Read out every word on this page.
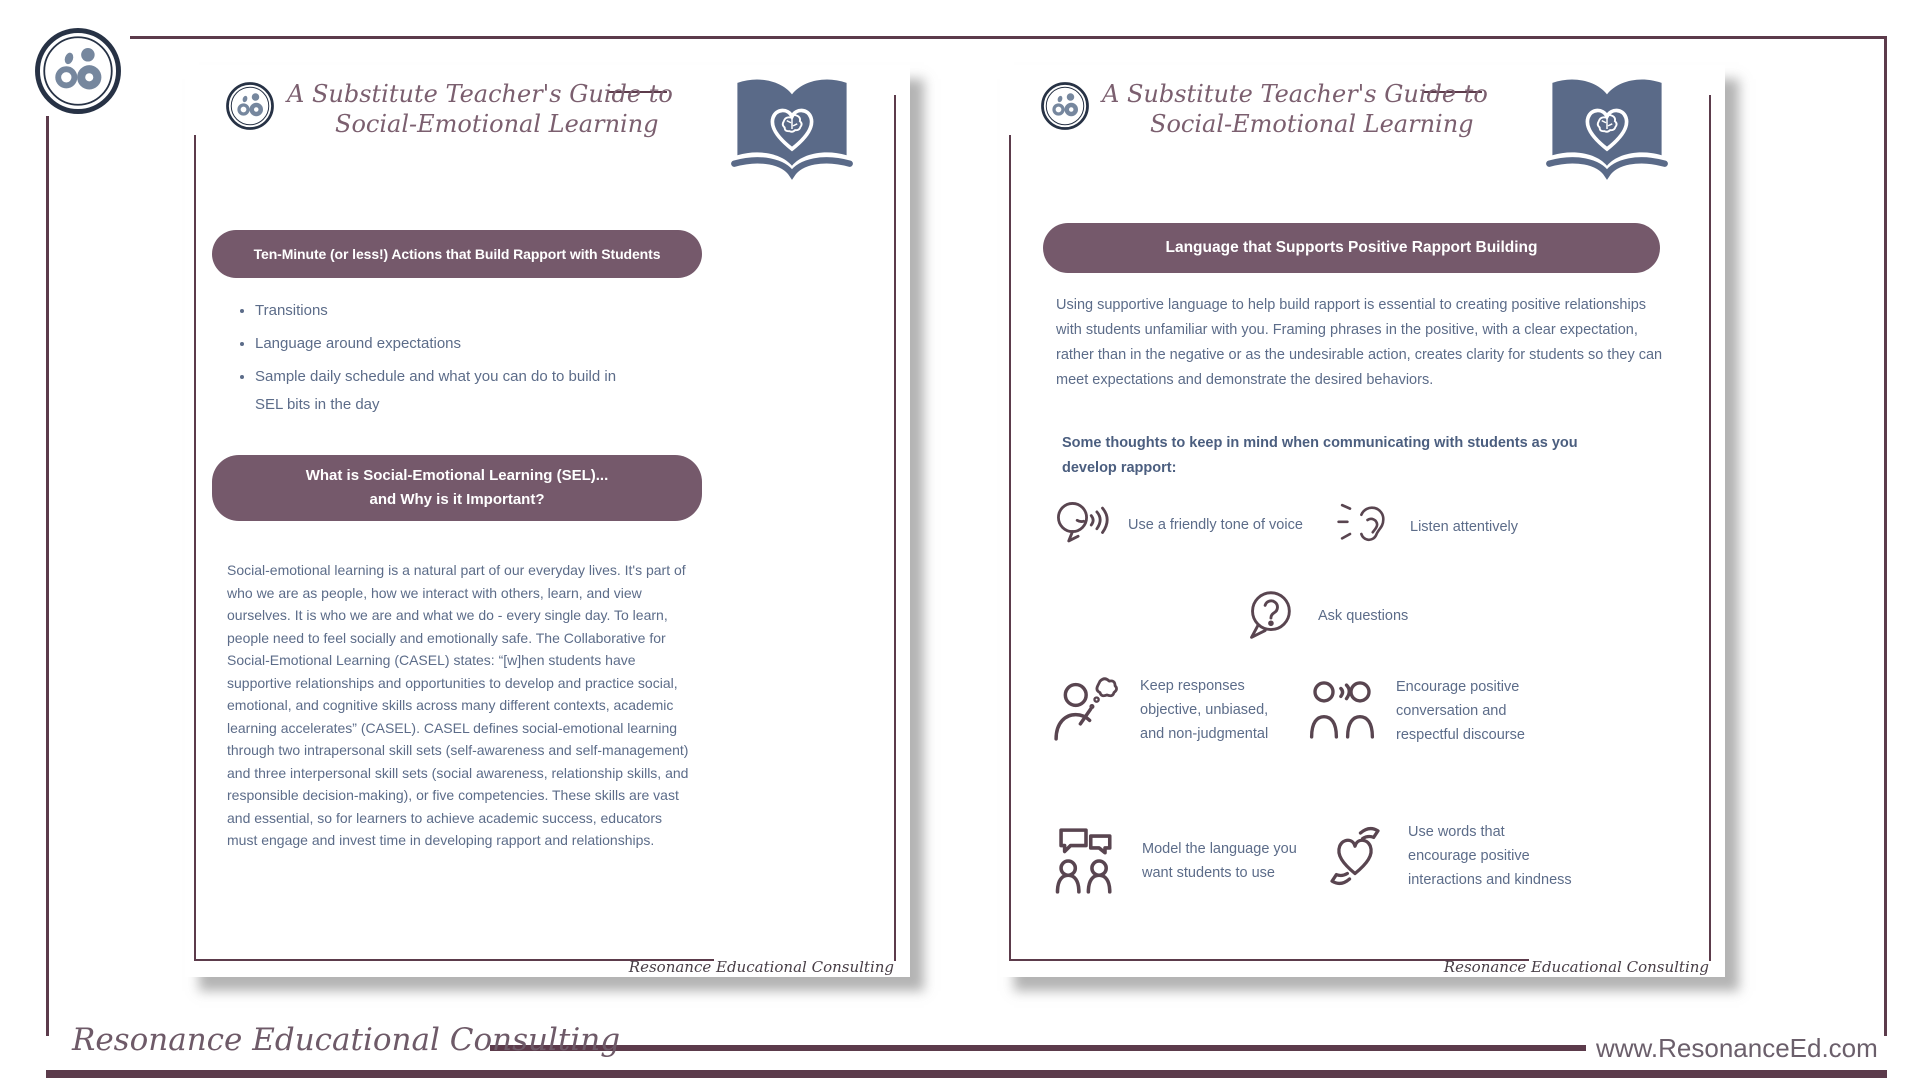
Resonance Educational Consulting	www.ResonanceEd.com
A Substitute Teacher's Guide to
Social-Emotional Learning
Ten-Minute (or less!) Actions that Build Rapport with Students
• Transitions
• Language around expectations
• Sample daily schedule and what you can do to build in SEL bits in the day
What is Social-Emotional Learning (SEL)...
and Why is it Important?
Social-emotional learning is a natural part of our everyday lives. It's part of who we are as people, how we interact with others, learn, and view ourselves. It is who we are and what we do - every single day. To learn, people need to feel socially and emotionally safe. The Collaborative for Social-Emotional Learning (CASEL) states: “[w]hen students have supportive relationships and opportunities to develop and practice social, emotional, and cognitive skills across many different contexts, academic learning accelerates” (CASEL). CASEL defines social-emotional learning through two intrapersonal skill sets (self-awareness and self-management) and three interpersonal skill sets (social awareness, relationship skills, and responsible decision-making), or five competencies. These skills are vast and essential, so for learners to achieve academic success, educators must engage and invest time in developing rapport and relationships.
Resonance Educational Consulting
A Substitute Teacher's Guide to
Social-Emotional Learning
Language that Supports Positive Rapport Building
Using supportive language to help build rapport is essential to creating positive relationships with students unfamiliar with you. Framing phrases in the positive, with a clear expectation, rather than in the negative or as the undesirable action, creates clarity for students so they can meet expectations and demonstrate the desired behaviors.
Some thoughts to keep in mind when communicating with students as you
develop rapport:
Use a friendly tone of voice	Listen attentively
Ask questions
Keep responses
objective, unbiased,
and non-judgmental
Encourage positive
conversation and
respectful discourse
Model the language you
want students to use
Use words that
encourage positive
interactions and kindness
Resonance Educational Consulting
